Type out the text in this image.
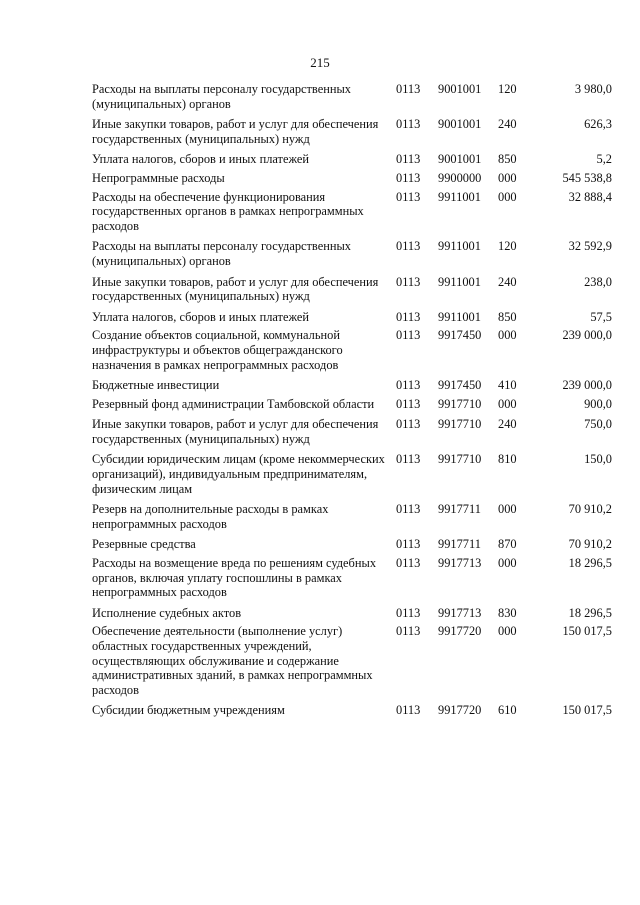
215
Расходы на выплаты персоналу государственных (муниципальных) органов	0113	9001001	120	3 980,0
Иные закупки товаров, работ и услуг для обеспечения государственных (муниципальных) нужд	0113	9001001	240	626,3
Уплата налогов, сборов и иных платежей	0113	9001001	850	5,2
Непрограммные расходы	0113	9900000	000	545 538,8
Расходы на обеспечение функционирования государственных органов в рамках непрограммных расходов	0113	9911001	000	32 888,4
Расходы на выплаты персоналу государственных (муниципальных) органов	0113	9911001	120	32 592,9
Иные закупки товаров, работ и услуг для обеспечения государственных (муниципальных) нужд	0113	9911001	240	238,0
Уплата налогов, сборов и иных платежей	0113	9911001	850	57,5
Создание объектов социальной, коммунальной инфраструктуры и объектов общегражданского назначения в рамках непрограммных расходов	0113	9917450	000	239 000,0
Бюджетные инвестиции	0113	9917450	410	239 000,0
Резервный фонд администрации Тамбовской области	0113	9917710	000	900,0
Иные закупки товаров, работ и услуг для обеспечения государственных (муниципальных) нужд	0113	9917710	240	750,0
Субсидии юридическим лицам (кроме некоммерческих организаций), индивидуальным предпринимателям, физическим лицам	0113	9917710	810	150,0
Резерв на дополнительные расходы в рамках непрограммных расходов	0113	9917711	000	70 910,2
Резервные средства	0113	9917711	870	70 910,2
Расходы на возмещение вреда по решениям судебных органов, включая уплату госпошлины в рамках непрограммных расходов	0113	9917713	000	18 296,5
Исполнение судебных актов	0113	9917713	830	18 296,5
Обеспечение деятельности (выполнение услуг) областных государственных учреждений, осуществляющих обслуживание и содержание административных зданий, в рамках непрограммных расходов	0113	9917720	000	150 017,5
Субсидии бюджетным учреждениям	0113	9917720	610	150 017,5
